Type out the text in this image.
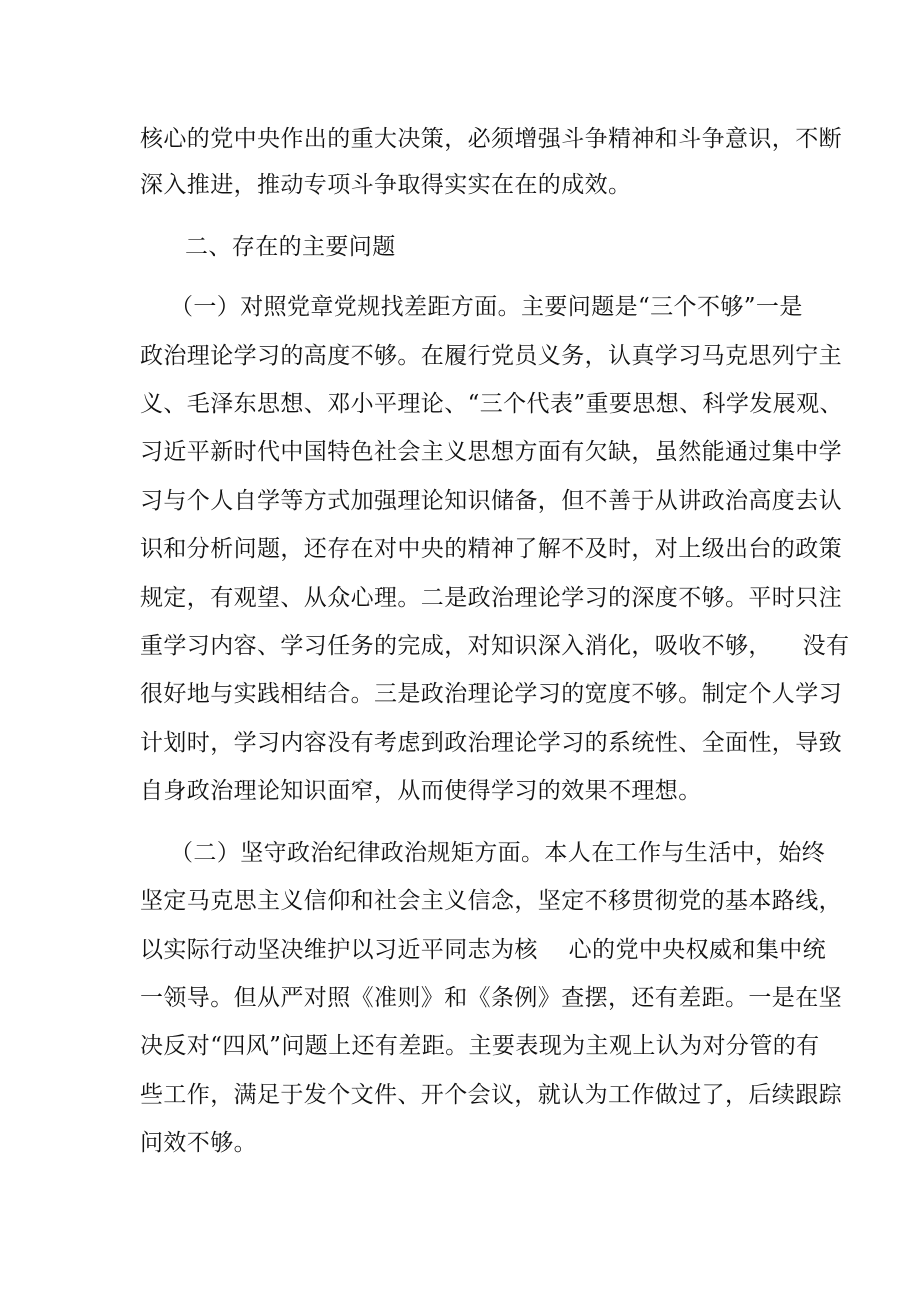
核心的党中央作出的重大决策，必须增强斗争精神和斗争意识，不断
深入推进，推动专项斗争取得实实在在的成效。
二、存在的主要问题
（一）对照党章党规找差距方面。主要问题是“三个不够”一是
政治理论学习的高度不够。在履行党员义务，认真学习马克思列宁主
义、毛泽东思想、邓小平理论、“三个代表”重要思想、科学发展观、
习近平新时代中国特色社会主义思想方面有欠缺，虽然能通过集中学
习与个人自学等方式加强理论知识储备，但不善于从讲政治高度去认
识和分析问题，还存在对中央的精神了解不及时，对上级出台的政策
规定，有观望、从众心理。二是政治理论学习的深度不够。平时只注
重学习内容、学习任务的完成，对知识深入消化，吸收不够，    没有
很好地与实践相结合。三是政治理论学习的宽度不够。制定个人学习
计划时，学习内容没有考虑到政治理论学习的系统性、全面性，导致
自身政治理论知识面窄，从而使得学习的效果不理想。
（二）坚守政治纪律政治规矩方面。本人在工作与生活中，始终
坚定马克思主义信仰和社会主义信念，坚定不移贯彻党的基本路线，
以实际行动坚决维护以习近平同志为核    心的党中央权威和集中统
一领导。但从严对照《准则》和《条例》查摆，还有差距。一是在坚
决反对“四风”问题上还有差距。主要表现为主观上认为对分管的有
些工作，满足于发个文件、开个会议，就认为工作做过了，后续跟踪
问效不够。
